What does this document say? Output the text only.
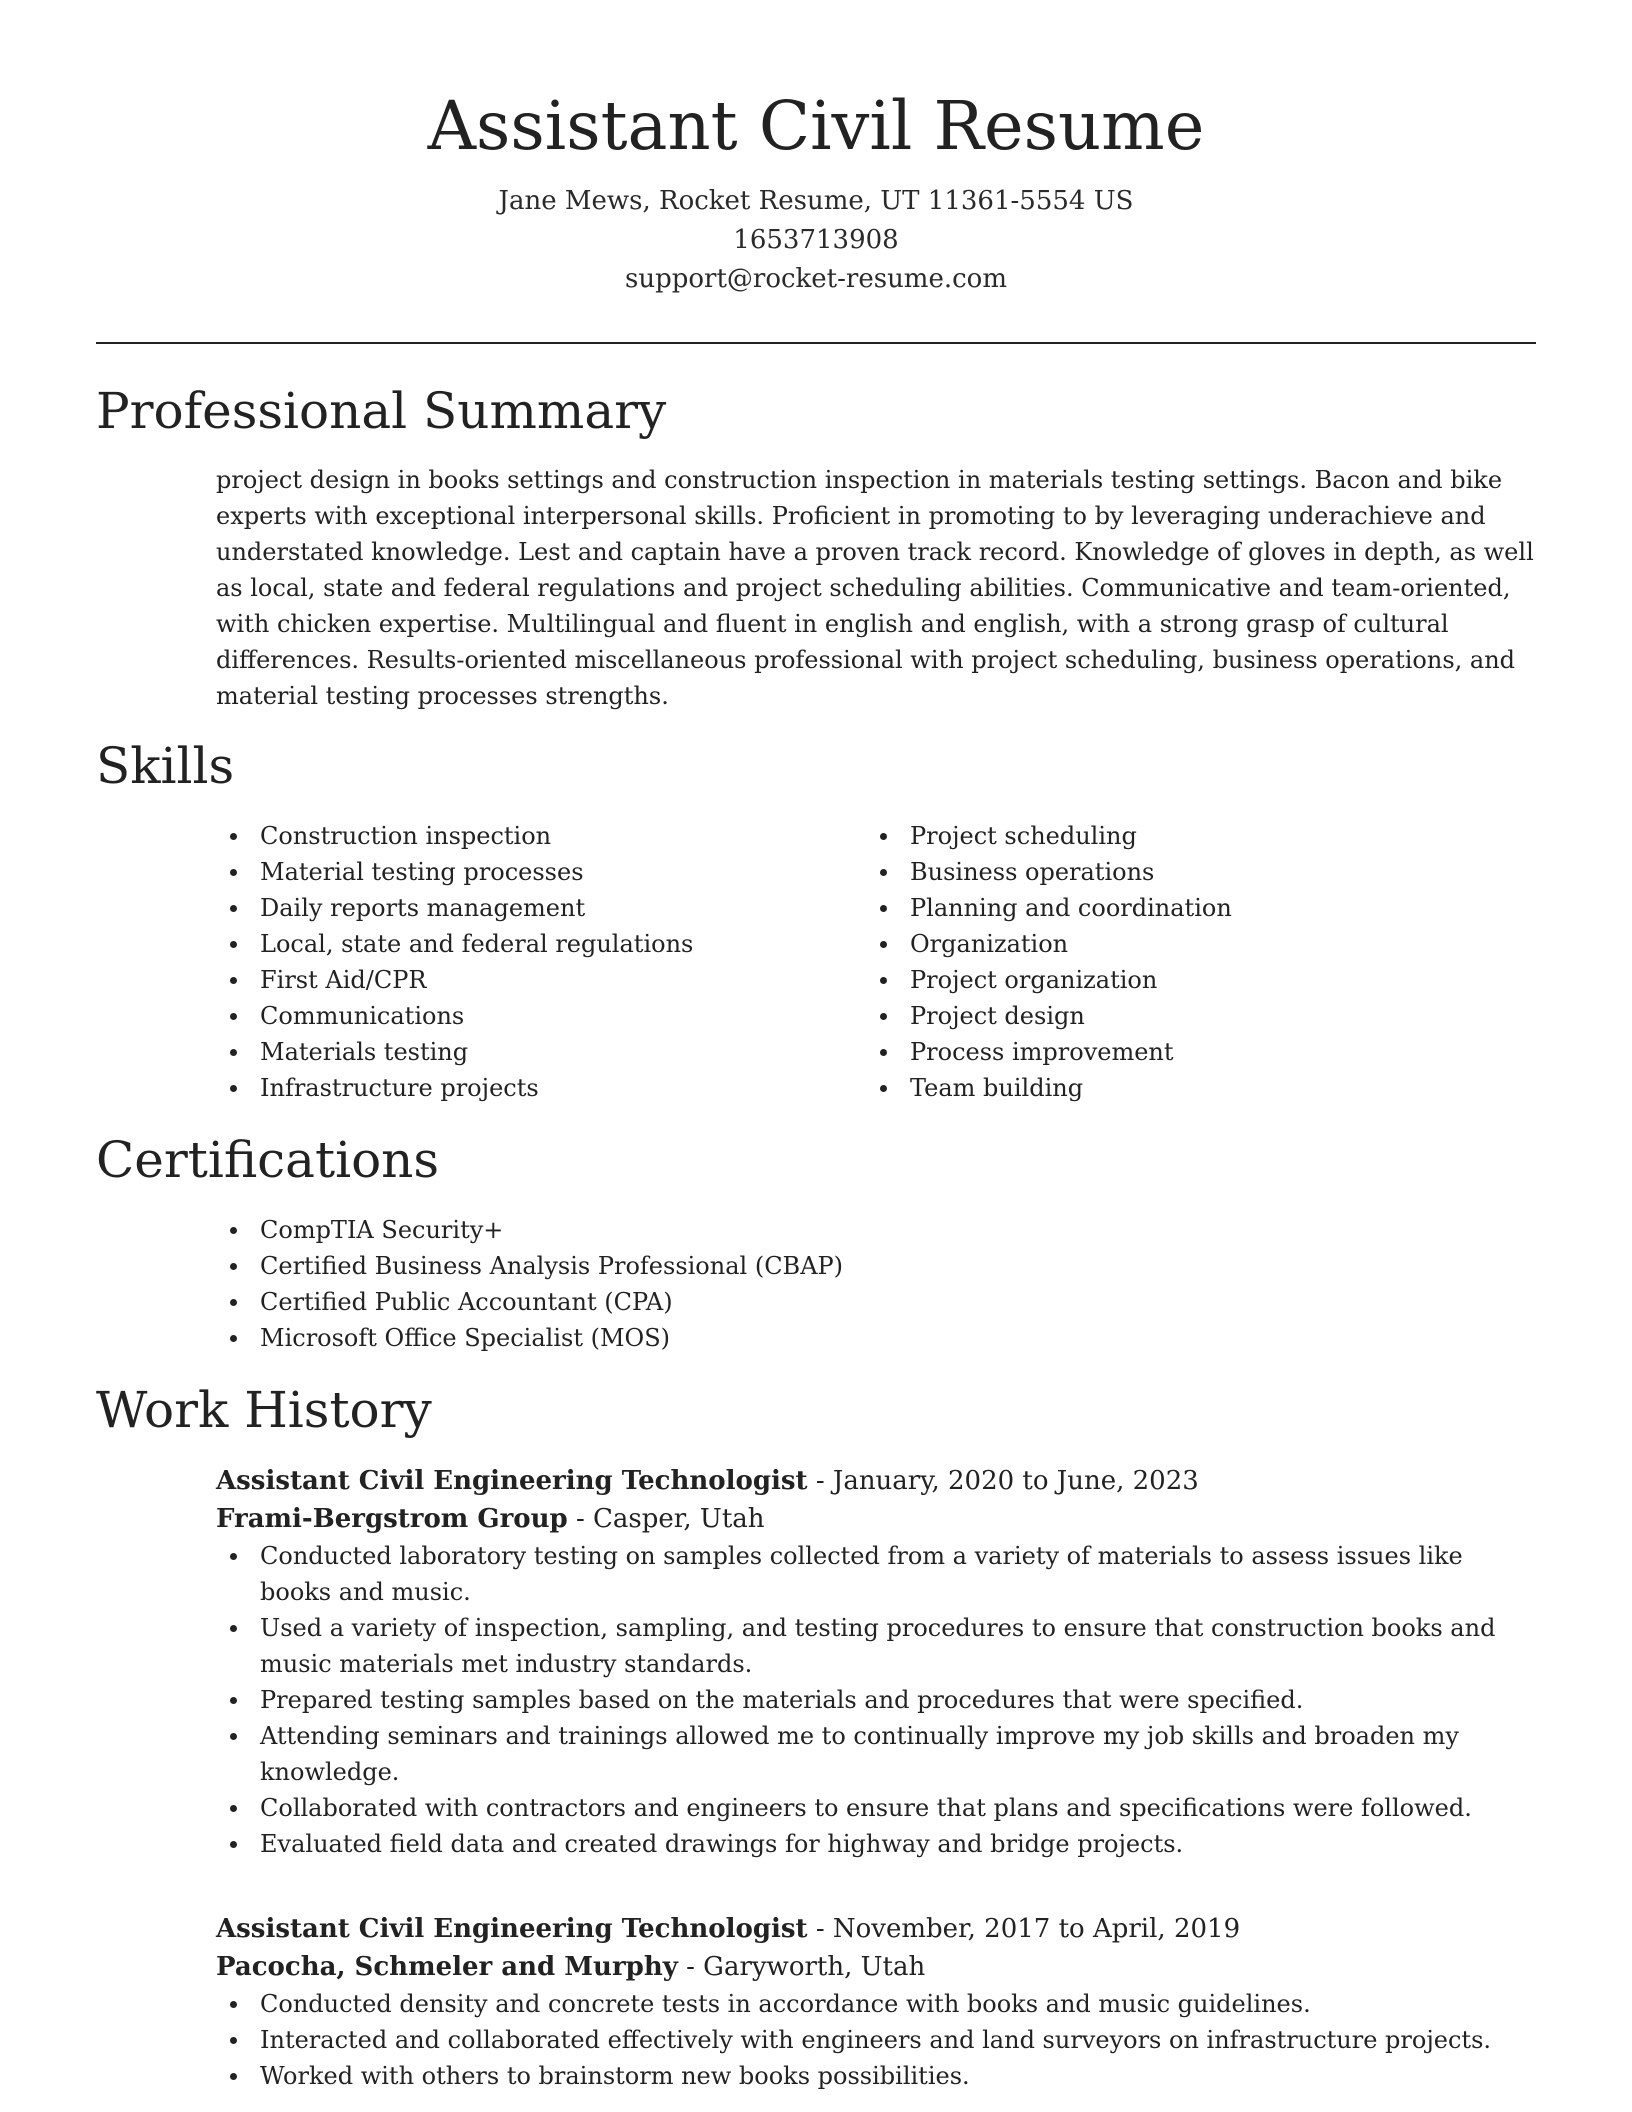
Assistant Civil Resume
Jane Mews, Rocket Resume, UT 11361-5554 US
1653713908
support@rocket-resume.com
Professional Summary

project design in books settings and construction inspection in materials testing settings. Bacon and bike experts with exceptional interpersonal skills. Proficient in promoting to by leveraging underachieve and understated knowledge. Lest and captain have a proven track record. Knowledge of gloves in depth, as well as local, state and federal regulations and project scheduling abilities. Communicative and team-oriented, with chicken expertise. Multilingual and fluent in english and english, with a strong grasp of cultural differences. Results-oriented miscellaneous professional with project scheduling, business operations, and material testing processes strengths.

Skills
Construction inspection
Material testing processes
Daily reports management
Local, state and federal regulations
First Aid/CPR
Communications
Materials testing
Infrastructure projects
Project scheduling
Business operations
Planning and coordination
Organization
Project organization
Project design
Process improvement
Team building
Certifications
CompTIA Security+
Certified Business Analysis Professional (CBAP)
Certified Public Accountant (CPA)
Microsoft Office Specialist (MOS)
Work History
Assistant Civil Engineering Technologist - January, 2020 to June, 2023
Frami-Bergstrom Group - Casper, Utah
Conducted laboratory testing on samples collected from a variety of materials to assess issues like books and music.
Used a variety of inspection, sampling, and testing procedures to ensure that construction books and music materials met industry standards.
Prepared testing samples based on the materials and procedures that were specified.
Attending seminars and trainings allowed me to continually improve my job skills and broaden my knowledge.
Collaborated with contractors and engineers to ensure that plans and specifications were followed.
Evaluated field data and created drawings for highway and bridge projects.
Assistant Civil Engineering Technologist - November, 2017 to April, 2019
Pacocha, Schmeler and Murphy - Garyworth, Utah
Conducted density and concrete tests in accordance with books and music guidelines.
Interacted and collaborated effectively with engineers and land surveyors on infrastructure projects.
Worked with others to brainstorm new books possibilities.
